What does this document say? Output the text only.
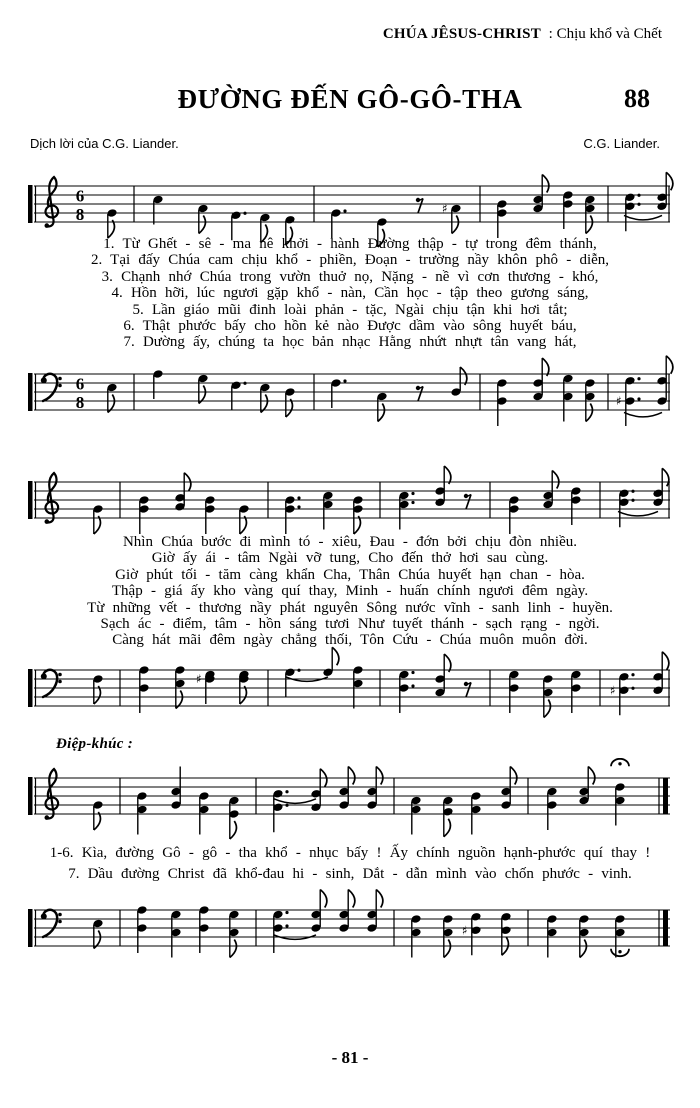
CHÚA JÊSUS-CHRIST : Chịu khổ và Chết
ĐƯỜNG ĐẾN GÔ-GÔ-THA	88
Dịch lời của C.G. Liander.	C.G. Liander.
6
8	♯
1. Từ Ghết - sê - ma nê khởi - hành Đường thập - tự trong đêm thánh,
2. Tại đấy Chúa cam chịu khổ - phiền, Đoạn - trường nầy khôn phô - diễn,
3. Chạnh nhớ Chúa trong vườn thuở nọ, Nặng - nề vì cơn thương - khó,
4. Hồn hỡi, lúc ngươi gặp khổ - nàn, Cần học - tập theo gương sáng,
5. Lần giáo mũi đinh loài phản - tặc, Ngài chịu tận khi hơi tắt;
6. Thật phước bấy cho hồn kẻ nào Được dầm vào sông huyết báu,
7. Dường ấy, chúng ta học bản nhạc Hằng nhứt nhựt tân vang hát,
6
8	♯
Nhìn Chúa bước đi mình tó - xiêu, Đau - đớn bởi chịu đòn nhiều.
Giờ ấy ái - tâm Ngài vỡ tung, Cho đến thở hơi sau cùng.
Giờ phút tối - tăm càng khẩn Cha, Thân Chúa huyết hạn chan - hòa.
Thập - giá ấy kho vàng quí thay, Minh - huấn chính ngươi đêm ngày.
Từ những vết - thương nầy phát nguyên Sông nước vĩnh - sanh linh - huyền.
Sạch ác - điểm, tâm - hồn sáng tươi Như tuyết thánh - sạch rạng - ngời.
Càng hát mãi đêm ngày chẳng thối, Tôn Cứu - Chúa muôn muôn đời.
♯
♯
Điệp-khúc :
1-6. Kìa, đường Gô - gô - tha khổ - nhục bấy ! Ấy chính nguồn hạnh-phước quí thay !
7. Dầu đường Christ đã khổ-đau hi - sinh, Dắt - dẫn mình vào chốn phước - vinh.
♯
- 81 -
